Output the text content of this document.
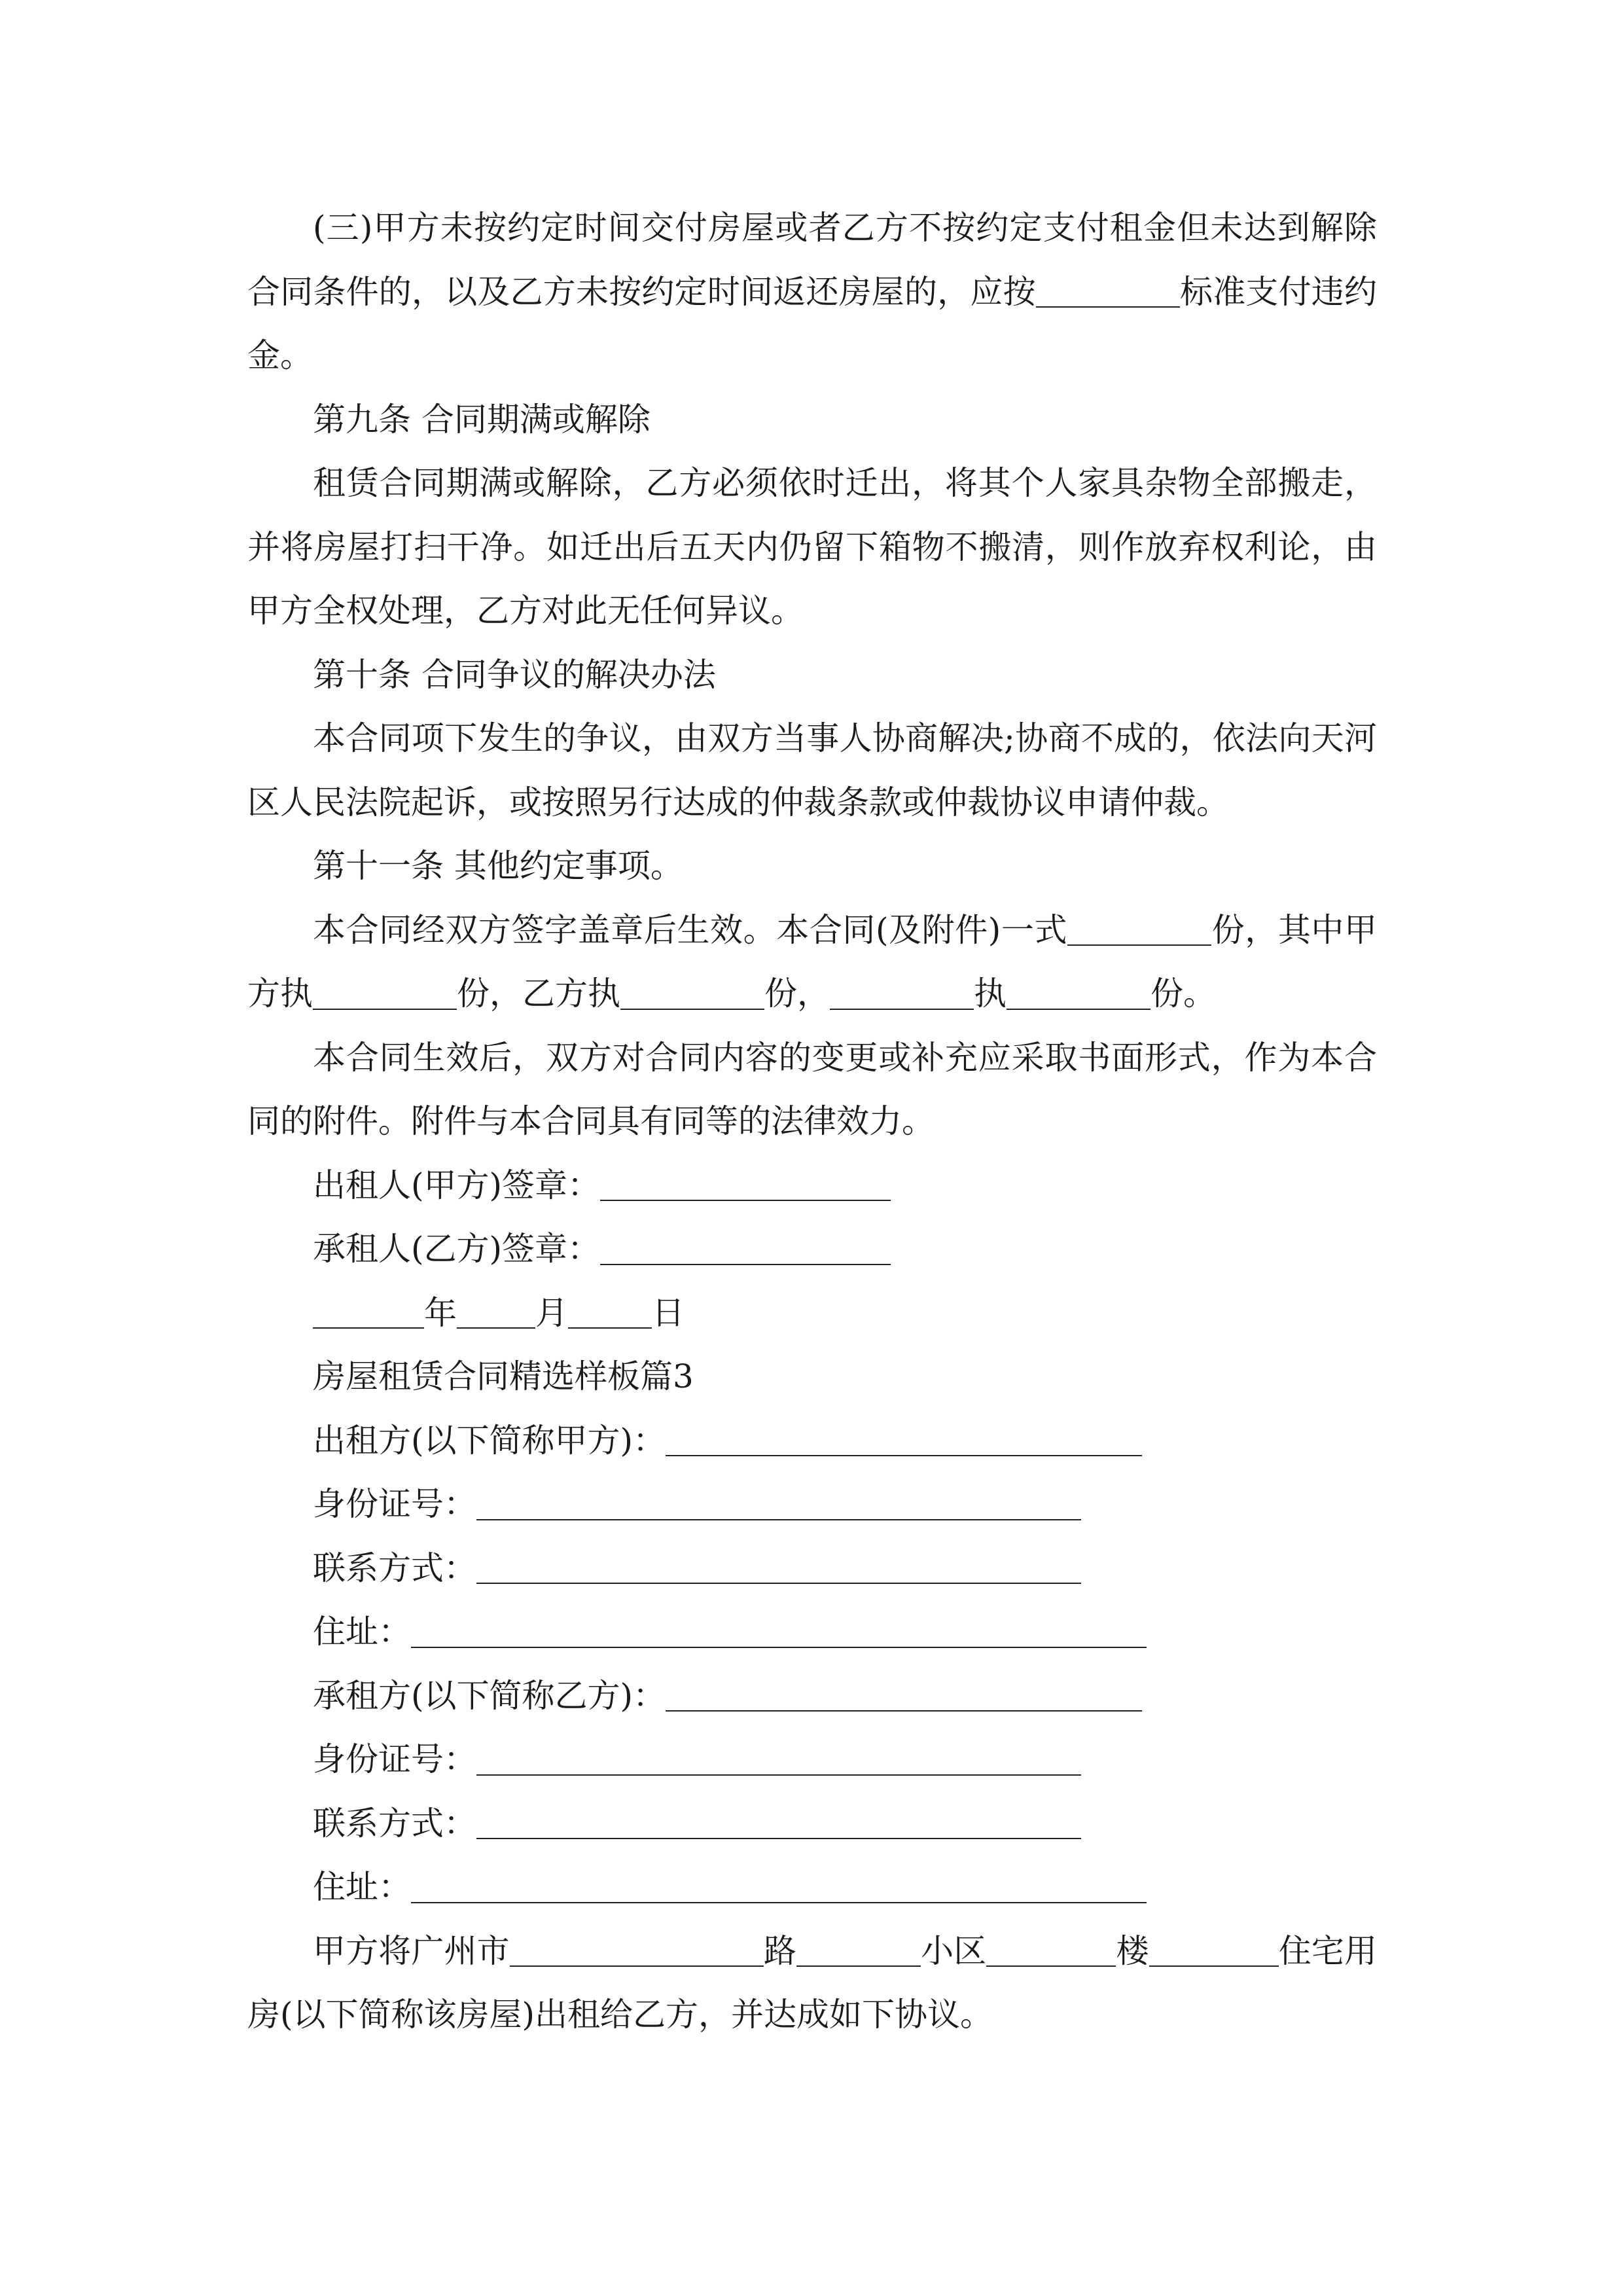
(三)甲方未按约定时间交付房屋或者乙方不按约定支付租金但未达到解除合同条件的，以及乙方未按约定时间返还房屋的，应按	标准支付违约金。

第九条 合同期满或解除

租赁合同期满或解除，乙方必须依时迁出，将其个人家具杂物全部搬走，并将房屋打扫干净。如迁出后五天内仍留下箱物不搬清，则作放弃权利论，由甲方全权处理，乙方对此无任何异议。

第十条 合同争议的解决办法

本合同项下发生的争议，由双方当事人协商解决;协商不成的，依法向天河区人民法院起诉，或按照另行达成的仲裁条款或仲裁协议申请仲裁。

第十一条 其他约定事项。

本合同经双方签字盖章后生效。本合同(及附件)一式	份，其中甲方执	份，乙方执	份，	执	份。

本合同生效后，双方对合同内容的变更或补充应采取书面形式，作为本合同的附件。附件与本合同具有同等的法律效力。

出租人(甲方)签章：

承租人(乙方)签章：

年 月	日

房屋租赁合同精选样板篇3

出租方(以下简称甲方)：

身份证号：

联系方式：

住址：

承租方(以下简称乙方)：

身份证号：

联系方式：

住址：

甲方将广州市	路	小区	楼	住宅用房(以下简称该房屋)出租给乙方，并达成如下协议。
